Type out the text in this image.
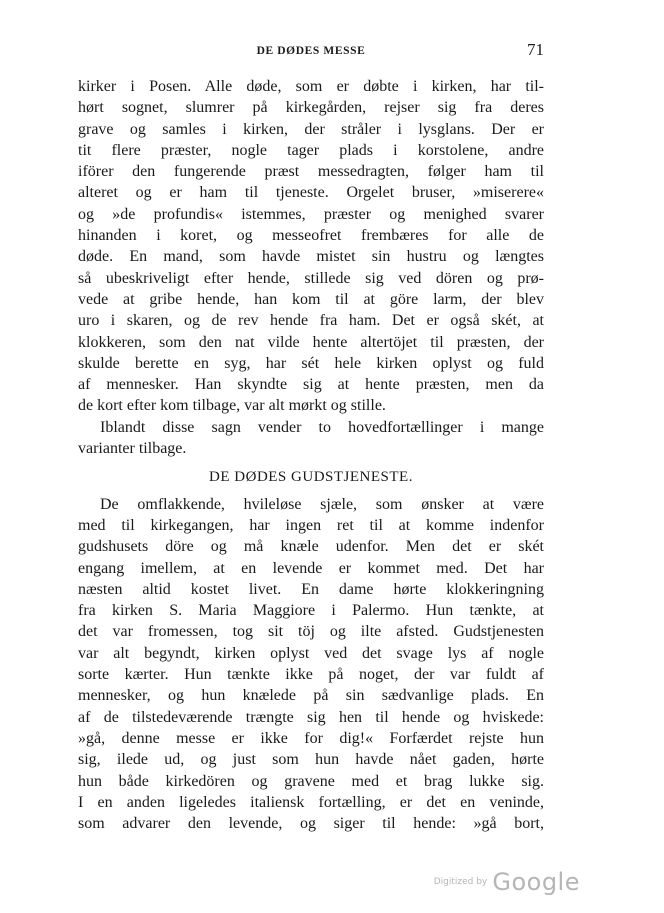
DE DØDES MESSE	71
kirker i Posen. Alle døde, som er døbte i kirken, har til-
hørt sognet, slumrer på kirkegården, rejser sig fra deres
grave og samles i kirken, der stråler i lysglans. Der er
tit flere præster, nogle tager plads i korstolene, andre
iförer den fungerende præst messedragten, følger ham til
alteret og er ham til tjeneste. Orgelet bruser, »miserere«
og »de profundis« istemmes, præster og menighed svarer
hinanden i koret, og messeofret frembæres for alle de
døde. En mand, som havde mistet sin hustru og længtes
så ubeskriveligt efter hende, stillede sig ved dören og prø-
vede at gribe hende, han kom til at göre larm, der blev
uro i skaren, og de rev hende fra ham. Det er også skét, at
klokkeren, som den nat vilde hente altertöjet til præsten, der
skulde berette en syg, har sét hele kirken oplyst og fuld
af mennesker. Han skyndte sig at hente præsten, men da
de kort efter kom tilbage, var alt mørkt og stille.
Iblandt disse sagn vender to hovedfortællinger i mange
varianter tilbage.
DE DØDES GUDSTJENESTE.
De omflakkende, hvileløse sjæle, som ønsker at være
med til kirkegangen, har ingen ret til at komme indenfor
gudshusets döre og må knæle udenfor. Men det er skét
engang imellem, at en levende er kommet med. Det har
næsten altid kostet livet. En dame hørte klokkeringning
fra kirken S. Maria Maggiore i Palermo. Hun tænkte, at
det var fromessen, tog sit töj og ilte afsted. Gudstjenesten
var alt begyndt, kirken oplyst ved det svage lys af nogle
sorte kærter. Hun tænkte ikke på noget, der var fuldt af
mennesker, og hun knælede på sin sædvanlige plads. En
af de tilstedeværende trængte sig hen til hende og hviskede:
»gå, denne messe er ikke for dig!« Forfærdet rejste hun
sig, ilede ud, og just som hun havde nået gaden, hørte
hun både kirkedören og gravene med et brag lukke sig.
I en anden ligeledes italiensk fortælling, er det en veninde,
som advarer den levende, og siger til hende: »gå bort,
Digitized by Google
